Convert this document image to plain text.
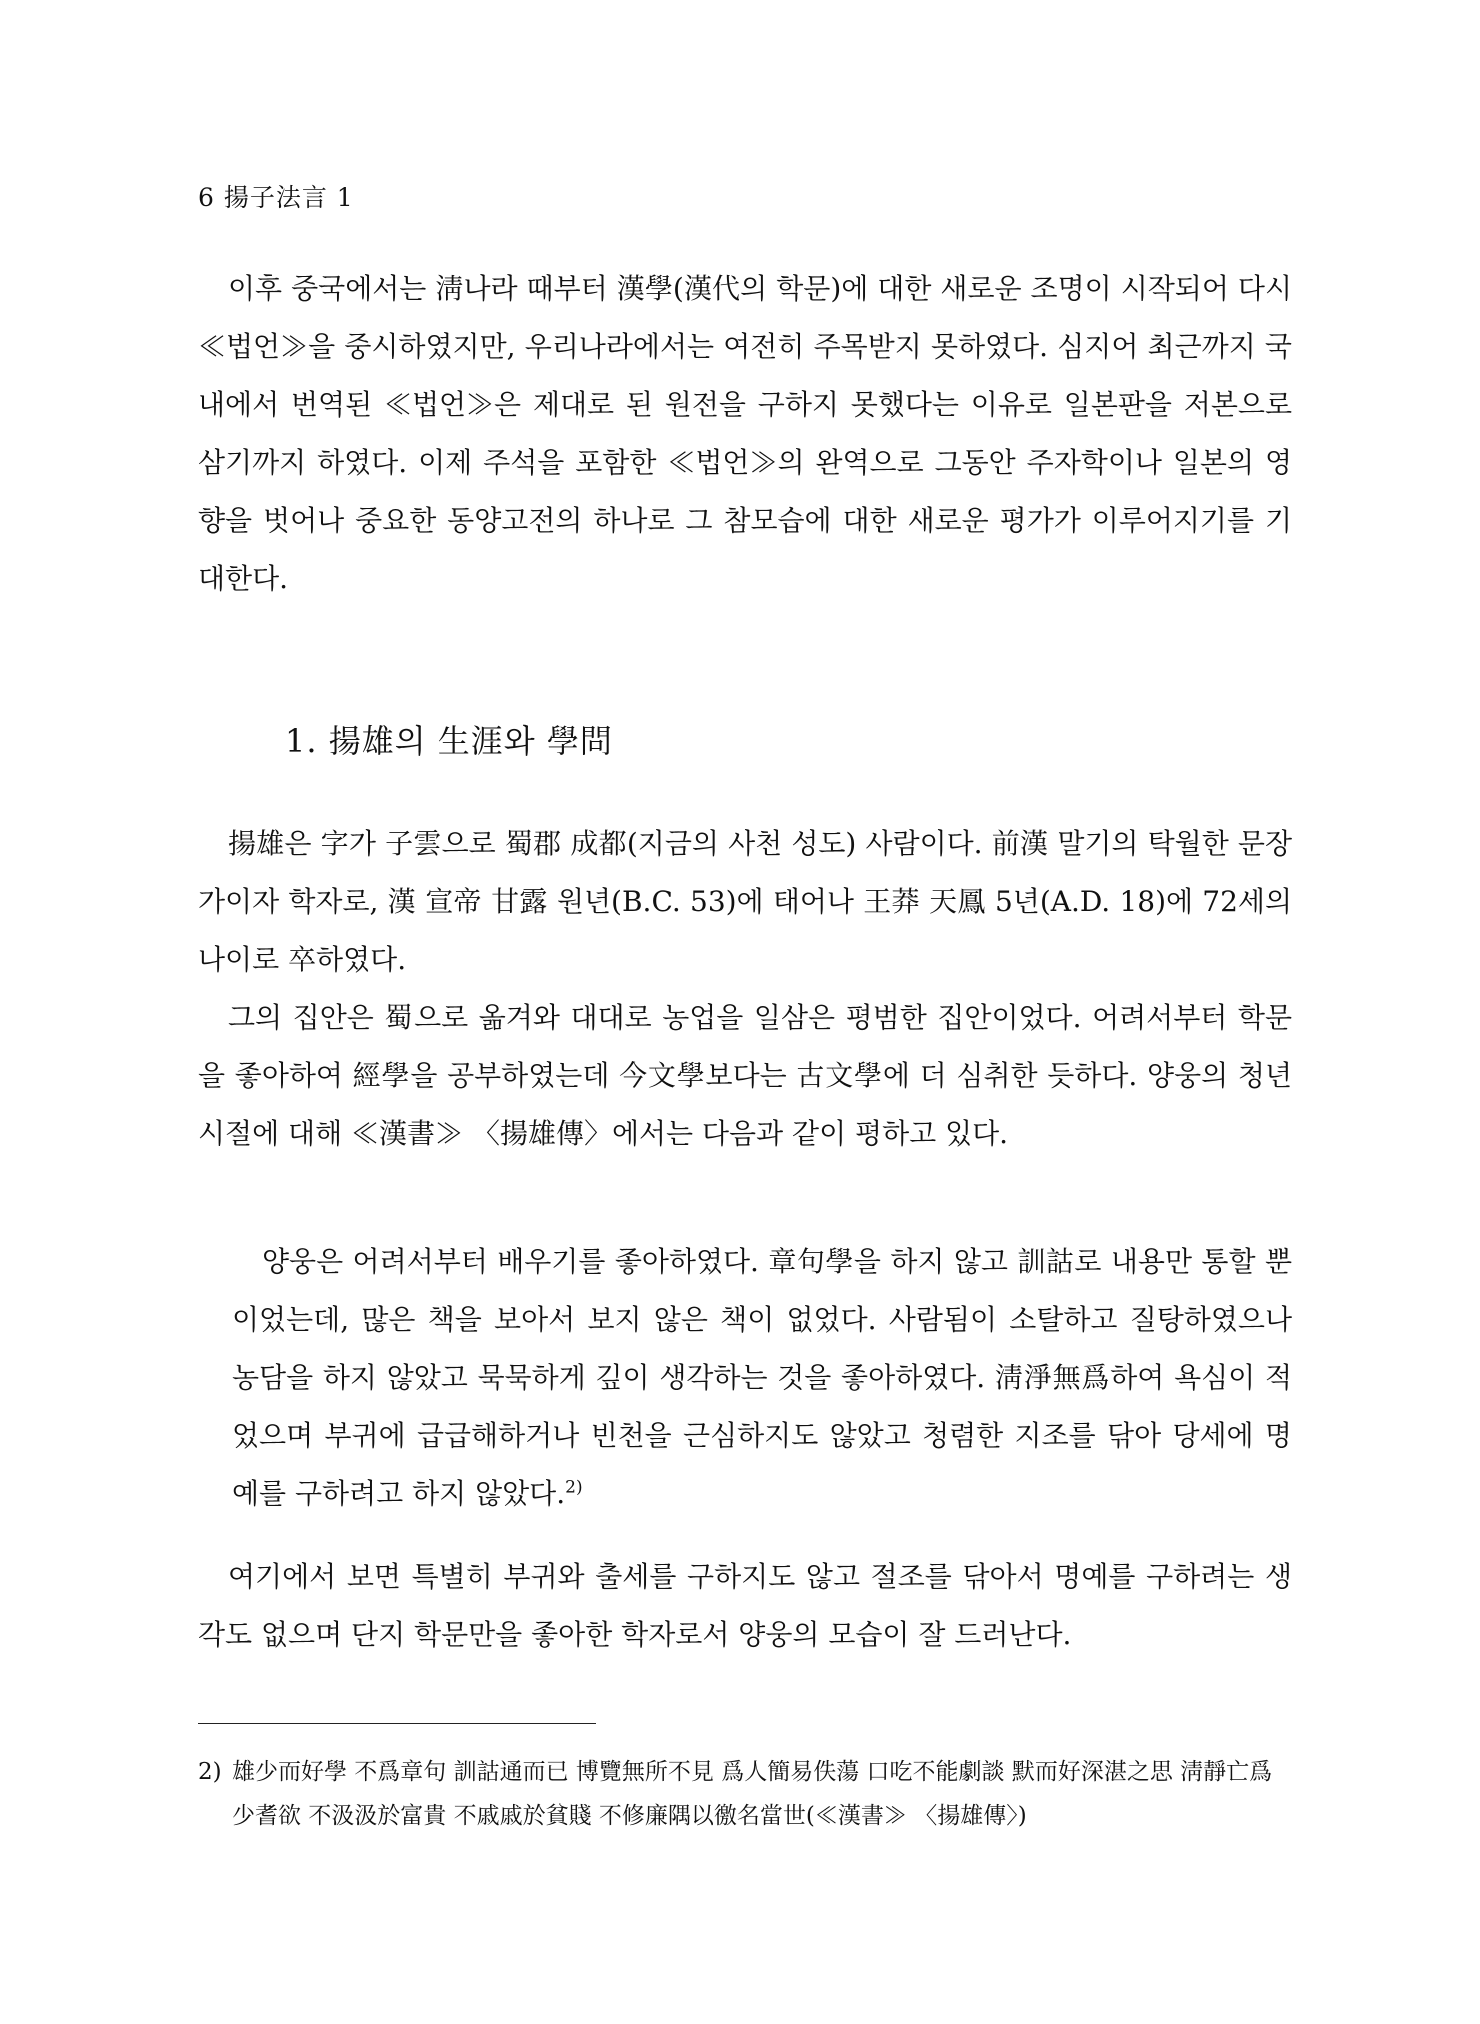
6 揚子法言 1

이후 중국에서는 淸나라 때부터 漢學(漢代의 학문)에 대한 새로운 조명이 시작되어 다시 ≪법언≫을 중시하였지만, 우리나라에서는 여전히 주목받지 못하였다. 심지어 최근까지 국내에서 번역된 ≪법언≫은 제대로 된 원전을 구하지 못했다는 이유로 일본판을 저본으로 삼기까지 하였다. 이제 주석을 포함한 ≪법언≫의 완역으로 그동안 주자학이나 일본의 영향을 벗어나 중요한 동양고전의 하나로 그 참모습에 대한 새로운 평가가 이루어지기를 기대한다.

1. 揚雄의 生涯와 學問

揚雄은 字가 子雲으로 蜀郡 成都(지금의 사천 성도) 사람이다. 前漢 말기의 탁월한 문장가이자 학자로, 漢 宣帝 甘露 원년(B.C. 53)에 태어나 王莽 天鳳 5년(A.D. 18)에 72세의 나이로 卒하였다.

그의 집안은 蜀으로 옮겨와 대대로 농업을 일삼은 평범한 집안이었다. 어려서부터 학문을 좋아하여 經學을 공부하였는데 今文學보다는 古文學에 더 심취한 듯하다. 양웅의 청년시절에 대해 ≪漢書≫ 〈揚雄傳〉에서는 다음과 같이 평하고 있다.

양웅은 어려서부터 배우기를 좋아하였다. 章句學을 하지 않고 訓詁로 내용만 통할 뿐이었는데, 많은 책을 보아서 보지 않은 책이 없었다. 사람됨이 소탈하고 질탕하였으나 농담을 하지 않았고 묵묵하게 깊이 생각하는 것을 좋아하였다. 淸淨無爲하여 욕심이 적었으며 부귀에 급급해하거나 빈천을 근심하지도 않았고 청렴한 지조를 닦아 당세에 명예를 구하려고 하지 않았다.$^{2)}$

여기에서 보면 특별히 부귀와 출세를 구하지도 않고 절조를 닦아서 명예를 구하려는 생각도 없으며 단지 학문만을 좋아한 학자로서 양웅의 모습이 잘 드러난다.

2) 雄少而好學 不爲章句 訓詁通而已 博覽無所不見 爲人簡易佚蕩 口吃不能劇談 默而好深湛之思 淸靜亡爲 少耆欲 不汲汲於富貴 不戚戚於貧賤 不修廉隅以徼名當世(≪漢書≫ 〈揚雄傳〉)
